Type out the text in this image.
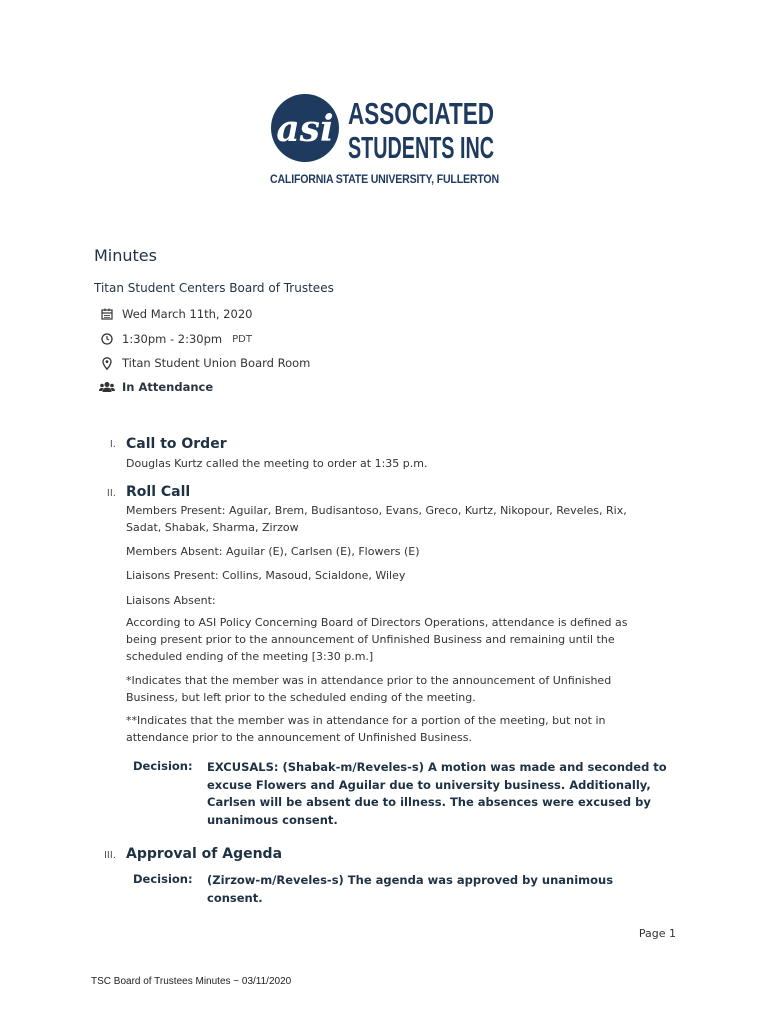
asi ASSOCIATED
STUDENTS INC
CALIFORNIA STATE UNIVERSITY, FULLERTON
Minutes
Titan Student Centers Board of Trustees
Wed March 11th, 2020
1:30pm - 2:30pm PDT
Titan Student Union Board Room
In Attendance
I. Call to Order
Douglas Kurtz called the meeting to order at 1:35 p.m.
II. Roll Call
Members Present: Aguilar, Brem, Budisantoso, Evans, Greco, Kurtz, Nikopour, Reveles, Rix, Sadat, Shabak, Sharma, Zirzow
Members Absent: Aguilar (E), Carlsen (E), Flowers (E)
Liaisons Present: Collins, Masoud, Scialdone, Wiley
Liaisons Absent:
According to ASI Policy Concerning Board of Directors Operations, attendance is defined as being present prior to the announcement of Unfinished Business and remaining until the scheduled ending of the meeting [3:30 p.m.]
*Indicates that the member was in attendance prior to the announcement of Unfinished Business, but left prior to the scheduled ending of the meeting.
**Indicates that the member was in attendance for a portion of the meeting, but not in attendance prior to the announcement of Unfinished Business.
Decision: EXCUSALS: (Shabak-m/Reveles-s) A motion was made and seconded to excuse Flowers and Aguilar due to university business. Additionally, Carlsen will be absent due to illness. The absences were excused by unanimous consent.
III. Approval of Agenda
Decision: (Zirzow-m/Reveles-s) The agenda was approved by unanimous consent.
Page 1
TSC Board of Trustees Minutes ~ 03/11/2020
